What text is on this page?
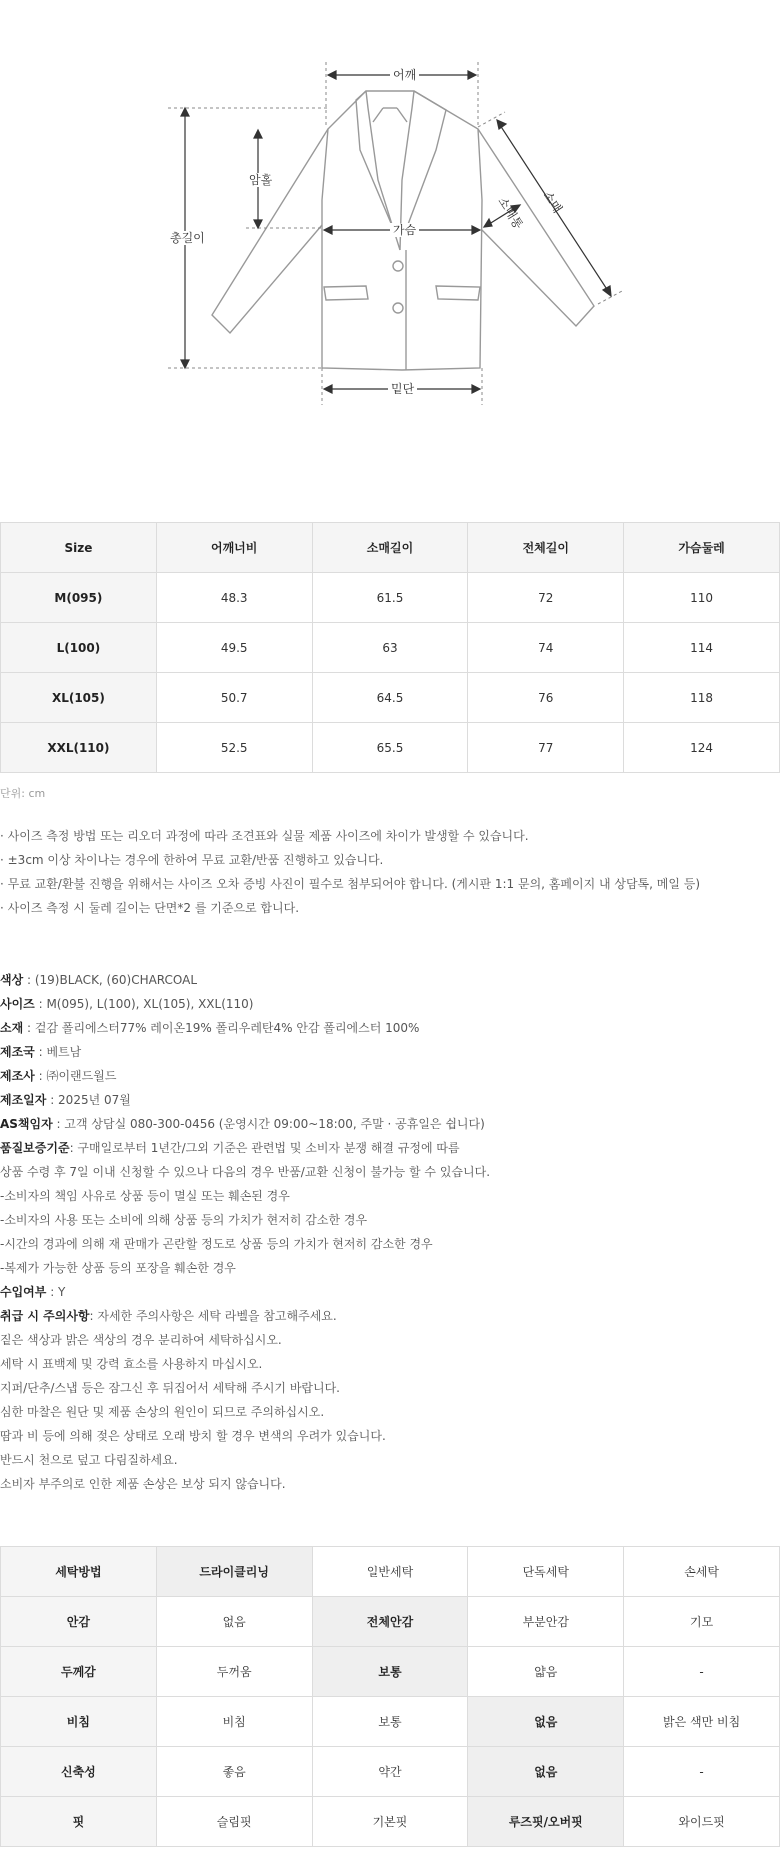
어깨
암홀
총길이
가슴	소매통 소매
밑단
Size	어깨너비	소매길이	전체길이	가슴둘레
M(095)	48.3	61.5	72	110
L(100)	49.5	63	74	114
XL(105)	50.7	64.5	76	118
XXL(110)	52.5	65.5	77	124
단위: cm
· 사이즈 측정 방법 또는 리오더 과정에 따라 조견표와 실물 제품 사이즈에 차이가 발생할 수 있습니다.
· ±3cm 이상 차이나는 경우에 한하여 무료 교환/반품 진행하고 있습니다.
· 무료 교환/환불 진행을 위해서는 사이즈 오차 증빙 사진이 필수로 첨부되어야 합니다. (게시판 1:1 문의, 홈페이지 내 상담톡, 메일 등)
· 사이즈 측정 시 둘레 길이는 단면*2 를 기준으로 합니다.
색상 : (19)BLACK, (60)CHARCOAL
사이즈 : M(095), L(100), XL(105), XXL(110)
소재 : 겉감 폴리에스터77% 레이온19% 폴리우레탄4% 안감 폴리에스터 100%
제조국 : 베트남
제조사 : ㈜이랜드월드
제조일자 : 2025년 07월
AS책임자 : 고객 상담실 080-300-0456 (운영시간 09:00~18:00, 주말 · 공휴일은 쉽니다)
품질보증기준: 구매일로부터 1년간/그외 기준은 관련법 및 소비자 분쟁 해결 규정에 따름
상품 수령 후 7일 이내 신청할 수 있으나 다음의 경우 반품/교환 신청이 불가능 할 수 있습니다.
-소비자의 책임 사유로 상품 등이 멸실 또는 훼손된 경우
-소비자의 사용 또는 소비에 의해 상품 등의 가치가 현저히 감소한 경우
-시간의 경과에 의해 재 판매가 곤란할 정도로 상품 등의 가치가 현저히 감소한 경우
-복제가 가능한 상품 등의 포장을 훼손한 경우
수입여부 : Y
취급 시 주의사항: 자세한 주의사항은 세탁 라벨을 참고해주세요.
짙은 색상과 밝은 색상의 경우 분리하여 세탁하십시오.
세탁 시 표백제 및 강력 효소를 사용하지 마십시오.
지퍼/단추/스냅 등은 잠그신 후 뒤집어서 세탁해 주시기 바랍니다.
심한 마찰은 원단 및 제품 손상의 원인이 되므로 주의하십시오.
땀과 비 등에 의해 젖은 상태로 오래 방치 할 경우 변색의 우려가 있습니다.
반드시 천으로 덮고 다림질하세요.
소비자 부주의로 인한 제품 손상은 보상 되지 않습니다.
세탁방법	드라이클리닝	일반세탁	단독세탁	손세탁
안감	없음	전체안감	부분안감	기모
두께감	두꺼움	보통	얇음	-
비침	비침	보통	없음	밝은 색만 비침
신축성	좋음	약간	없음	-
핏	슬림핏	기본핏	루즈핏/오버핏	와이드핏
